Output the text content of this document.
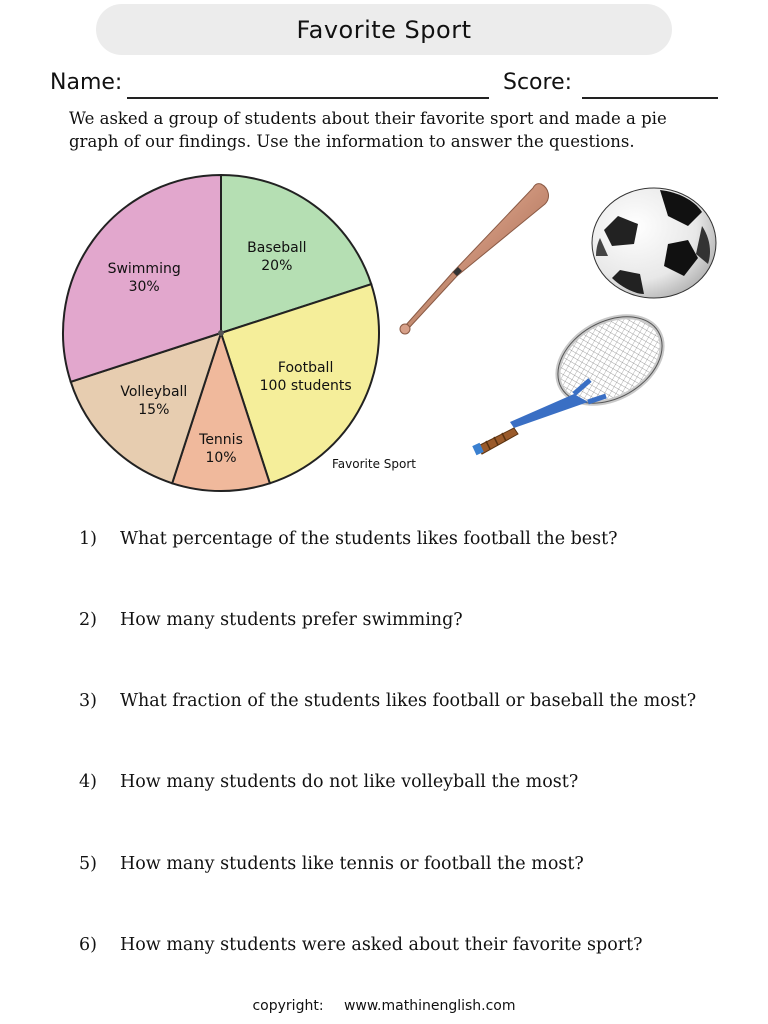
Favorite Sport
Name:	Score:
We asked a group of students about their favorite sport and made a pie graph of our findings. Use the information to answer the questions.
Baseball
20%
Football
100 students
Tennis
10%
Volleyball
15%
Swimming
30%
Favorite Sport
1) What percentage of the students likes football the best?
2) How many students prefer swimming?
3) What fraction of the students likes football or baseball the most?
4) How many students do not like volleyball the most?
5) How many students like tennis or football the most?
6) How many students were asked about their favorite sport?
copyright: www.mathinenglish.com
